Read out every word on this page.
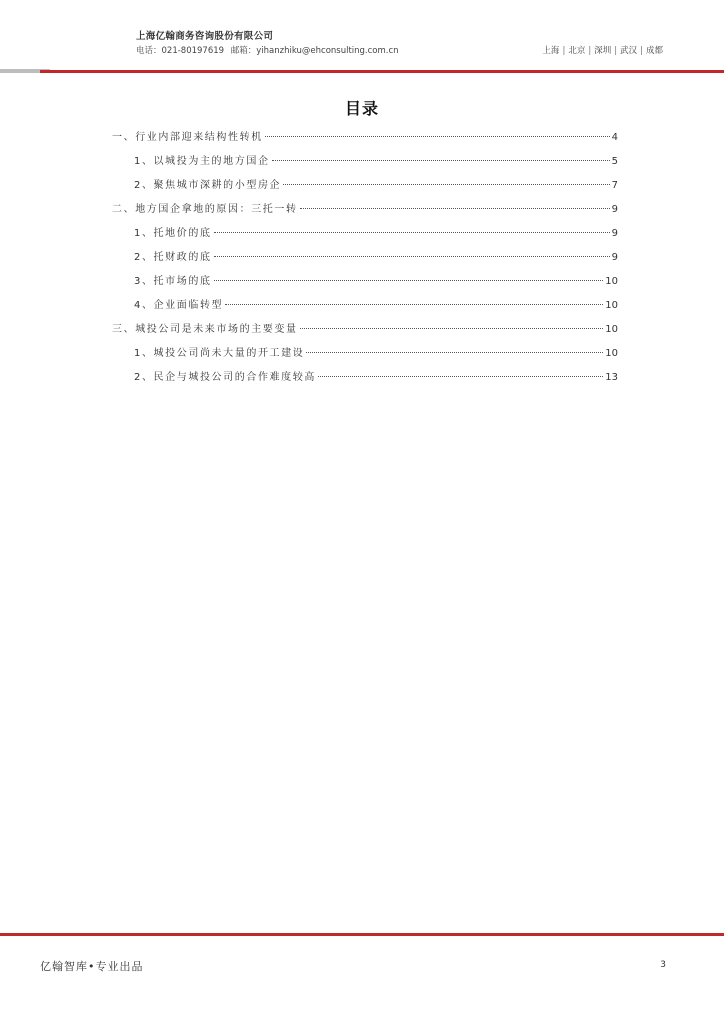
上海亿翰商务咨询股份有限公司
电话：021-80197619 邮箱：yihanzhiku@ehconsulting.com.cn	上海 | 北京 | 深圳 | 武汉 | 成都
目录
一、行业内部迎来结构性转机	4
1、以城投为主的地方国企	5
2、聚焦城市深耕的小型房企	7
二、地方国企拿地的原因：三托一转	9
1、托地价的底	9
2、托财政的底	9
3、托市场的底	10
4、企业面临转型	10
三、城投公司是未来市场的主要变量	10
1、城投公司尚未大量的开工建设	10
2、民企与城投公司的合作难度较高	13
亿翰智库•专业出品	3
